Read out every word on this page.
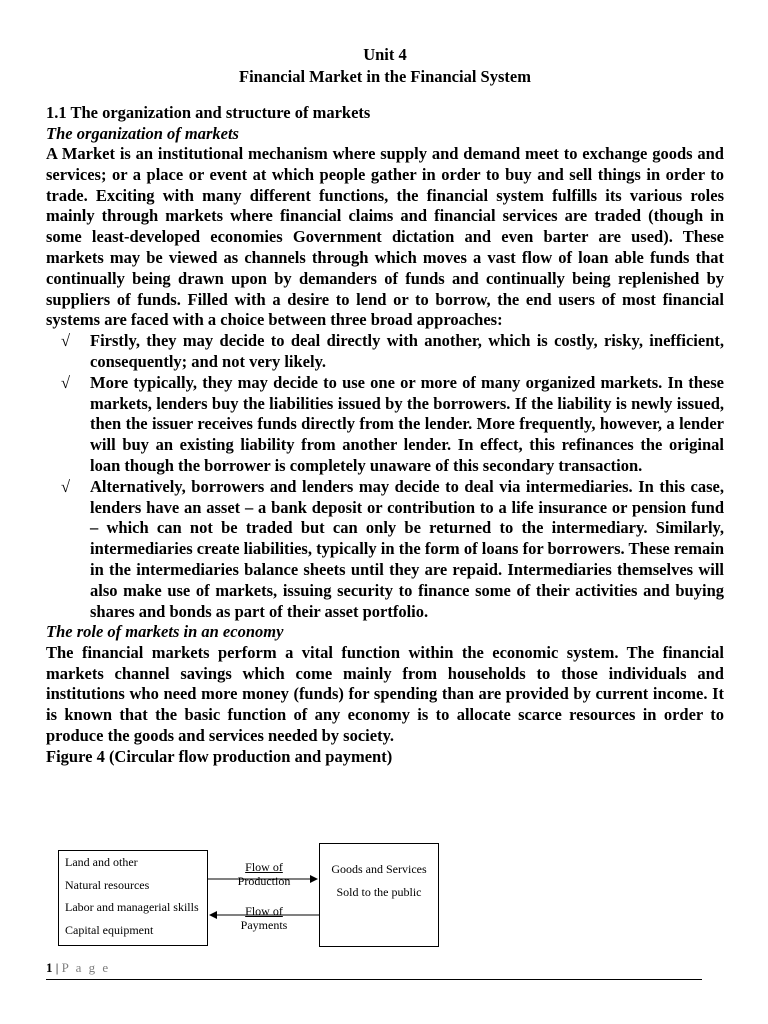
Unit 4
Financial Market in the Financial System
1.1 The organization and structure of markets
The organization of markets

A Market is an institutional mechanism where supply and demand meet to exchange goods and services; or a place or event at which people gather in order to buy and sell things in order to trade. Exciting with many different functions, the financial system fulfills its various roles mainly through markets where financial claims and financial services are traded (though in some least-developed economies Government dictation and even barter are used). These markets may be viewed as channels through which moves a vast flow of loan able funds that continually being drawn upon by demanders of funds and continually being replenished by suppliers of funds. Filled with a desire to lend or to borrow, the end users of most financial systems are faced with a choice between three broad approaches:

√ Firstly, they may decide to deal directly with another, which is costly, risky, inefficient, consequently; and not very likely.
√ More typically, they may decide to use one or more of many organized markets. In these markets, lenders buy the liabilities issued by the borrowers. If the liability is newly issued, then the issuer receives funds directly from the lender. More frequently, however, a lender will buy an existing liability from another lender. In effect, this refinances the original loan though the borrower is completely unaware of this secondary transaction.
√ Alternatively, borrowers and lenders may decide to deal via intermediaries. In this case, lenders have an asset – a bank deposit or contribution to a life insurance or pension fund – which can not be traded but can only be returned to the intermediary. Similarly, intermediaries create liabilities, typically in the form of loans for borrowers. These remain in the intermediaries balance sheets until they are repaid. Intermediaries themselves will also make use of markets, issuing security to finance some of their activities and buying shares and bonds as part of their asset portfolio.
The role of markets in an economy

The financial markets perform a vital function within the economic system. The financial markets channel savings which come mainly from households to those individuals and institutions who need more money (funds) for spending than are provided by current income. It is known that the basic function of any economy is to allocate scarce resources in order to produce the goods and services needed by society.

Figure 4 (Circular flow production and payment)
Land and other
Natural resources
Labor and managerial skills
Capital equipment
Goods and Services
Sold to the public
Flow of
Production
Flow of
Payments
1 | P a g e
